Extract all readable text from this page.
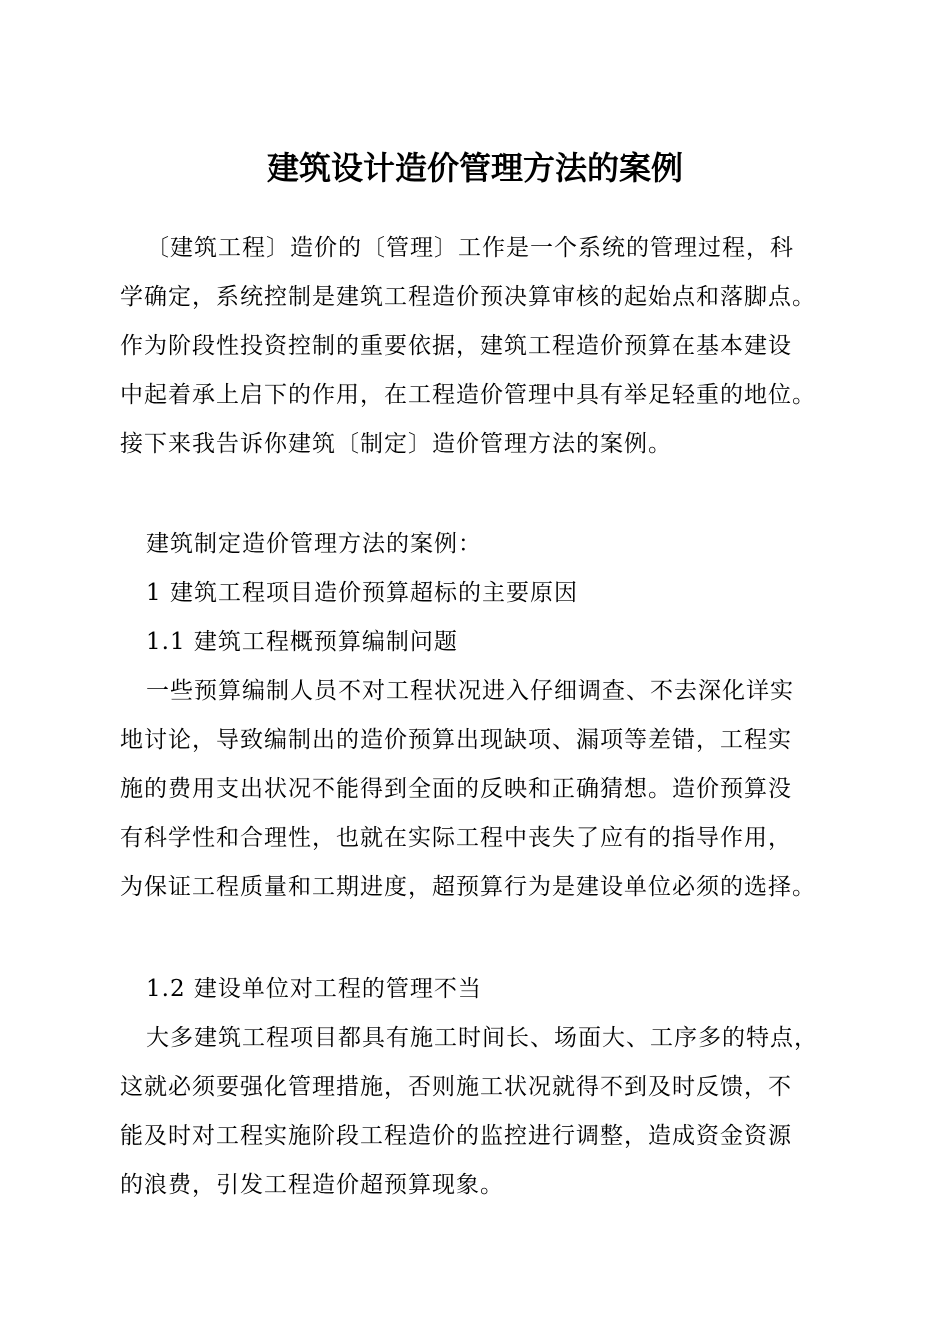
建筑设计造价管理方法的案例
〔建筑工程〕造价的〔管理〕工作是一个系统的管理过程，科
学确定，系统控制是建筑工程造价预决算审核的起始点和落脚点。
作为阶段性投资控制的重要依据，建筑工程造价预算在基本建设
中起着承上启下的作用，在工程造价管理中具有举足轻重的地位。
接下来我告诉你建筑〔制定〕造价管理方法的案例。
建筑制定造价管理方法的案例：
1 建筑工程项目造价预算超标的主要原因
1.1 建筑工程概预算编制问题
一些预算编制人员不对工程状况进入仔细调查、不去深化详实
地讨论，导致编制出的造价预算出现缺项、漏项等差错，工程实
施的费用支出状况不能得到全面的反映和正确猜想。造价预算没
有科学性和合理性，也就在实际工程中丧失了应有的指导作用，
为保证工程质量和工期进度，超预算行为是建设单位必须的选择。
1.2 建设单位对工程的管理不当
大多建筑工程项目都具有施工时间长、场面大、工序多的特点，
这就必须要强化管理措施，否则施工状况就得不到及时反馈，不
能及时对工程实施阶段工程造价的监控进行调整，造成资金资源
的浪费，引发工程造价超预算现象。
